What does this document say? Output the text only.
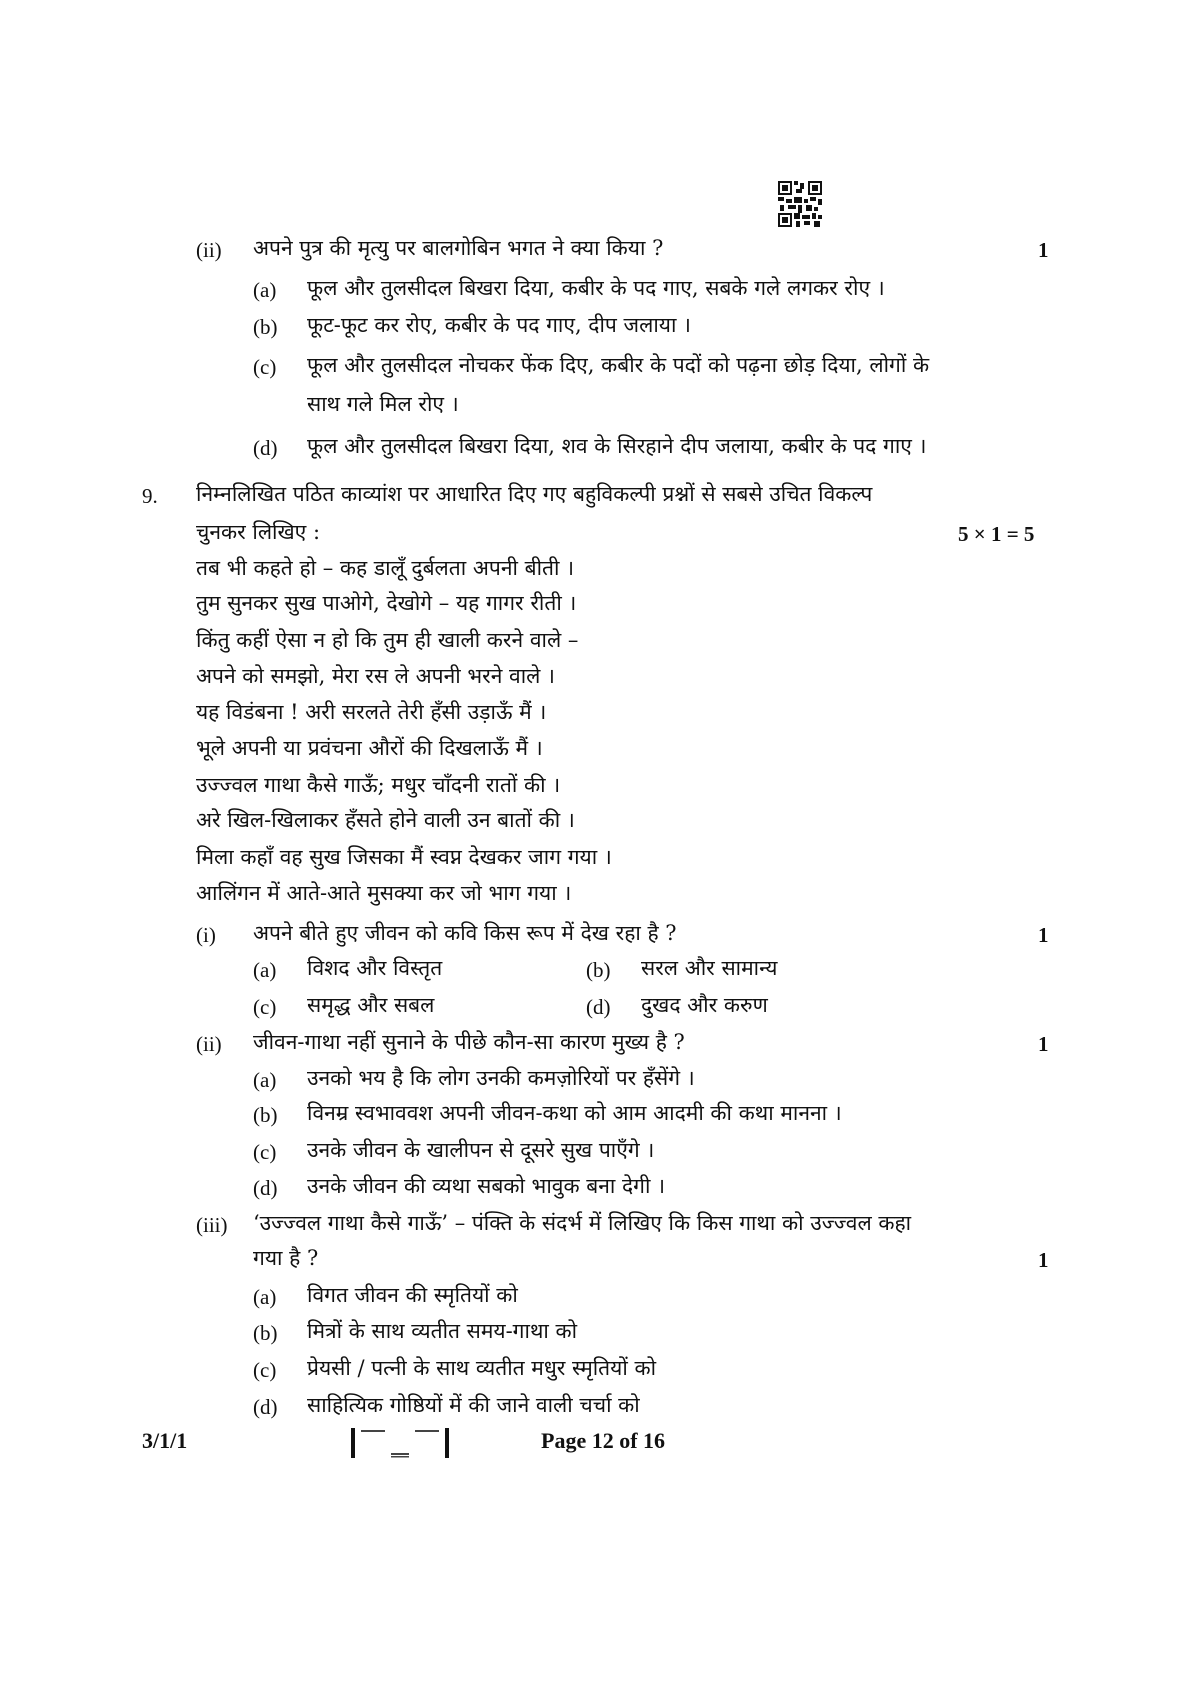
(ii) अपने पुत्र की मृत्यु पर बालगोबिन भगत ने क्या किया ?	1
(a) फूल और तुलसीदल बिखरा दिया, कबीर के पद गाए, सबके गले लगकर रोए ।
(b) फूट-फूट कर रोए, कबीर के पद गाए, दीप जलाया ।
(c) फूल और तुलसीदल नोचकर फेंक दिए, कबीर के पदों को पढ़ना छोड़ दिया, लोगों के
साथ गले मिल रोए ।
(d) फूल और तुलसीदल बिखरा दिया, शव के सिरहाने दीप जलाया, कबीर के पद गाए ।
9. निम्नलिखित पठित काव्यांश पर आधारित दिए गए बहुविकल्पी प्रश्नों से सबसे उचित विकल्प
चुनकर लिखिए :	5 × 1 = 5
तब भी कहते हो – कह डालूँ दुर्बलता अपनी बीती ।
तुम सुनकर सुख पाओगे, देखोगे – यह गागर रीती ।
किंतु कहीं ऐसा न हो कि तुम ही खाली करने वाले –
अपने को समझो, मेरा रस ले अपनी भरने वाले ।
यह विडंबना ! अरी सरलते तेरी हँसी उड़ाऊँ मैं ।
भूले अपनी या प्रवंचना औरों की दिखलाऊँ मैं ।
उज्ज्वल गाथा कैसे गाऊँ; मधुर चाँदनी रातों की ।
अरे खिल-खिलाकर हँसते होने वाली उन बातों की ।
मिला कहाँ वह सुख जिसका मैं स्वप्न देखकर जाग गया ।
आलिंगन में आते-आते मुसक्या कर जो भाग गया ।
(i) अपने बीते हुए जीवन को कवि किस रूप में देख रहा है ?	1
(a) विशद और विस्तृत	(b) सरल और सामान्य
(c) समृद्ध और सबल	(d) दुखद और करुण
(ii) जीवन-गाथा नहीं सुनाने के पीछे कौन-सा कारण मुख्य है ?	1
(a) उनको भय है कि लोग उनकी कमज़ोरियों पर हँसेंगे ।
(b) विनम्र स्वभाववश अपनी जीवन-कथा को आम आदमी की कथा मानना ।
(c) उनके जीवन के खालीपन से दूसरे सुख पाएँगे ।
(d) उनके जीवन की व्यथा सबको भावुक बना देगी ।
(iii) ‘उज्ज्वल गाथा कैसे गाऊँ’ – पंक्ति के संदर्भ में लिखिए कि किस गाथा को उज्ज्वल कहा
गया है ?	1
(a) विगत जीवन की स्मृतियों को
(b) मित्रों के साथ व्यतीत समय-गाथा को
(c) प्रेयसी / पत्नी के साथ व्यतीत मधुर स्मृतियों को
(d) साहित्यिक गोष्ठियों में की जाने वाली चर्चा को
3/1/1	Page 12 of 16
